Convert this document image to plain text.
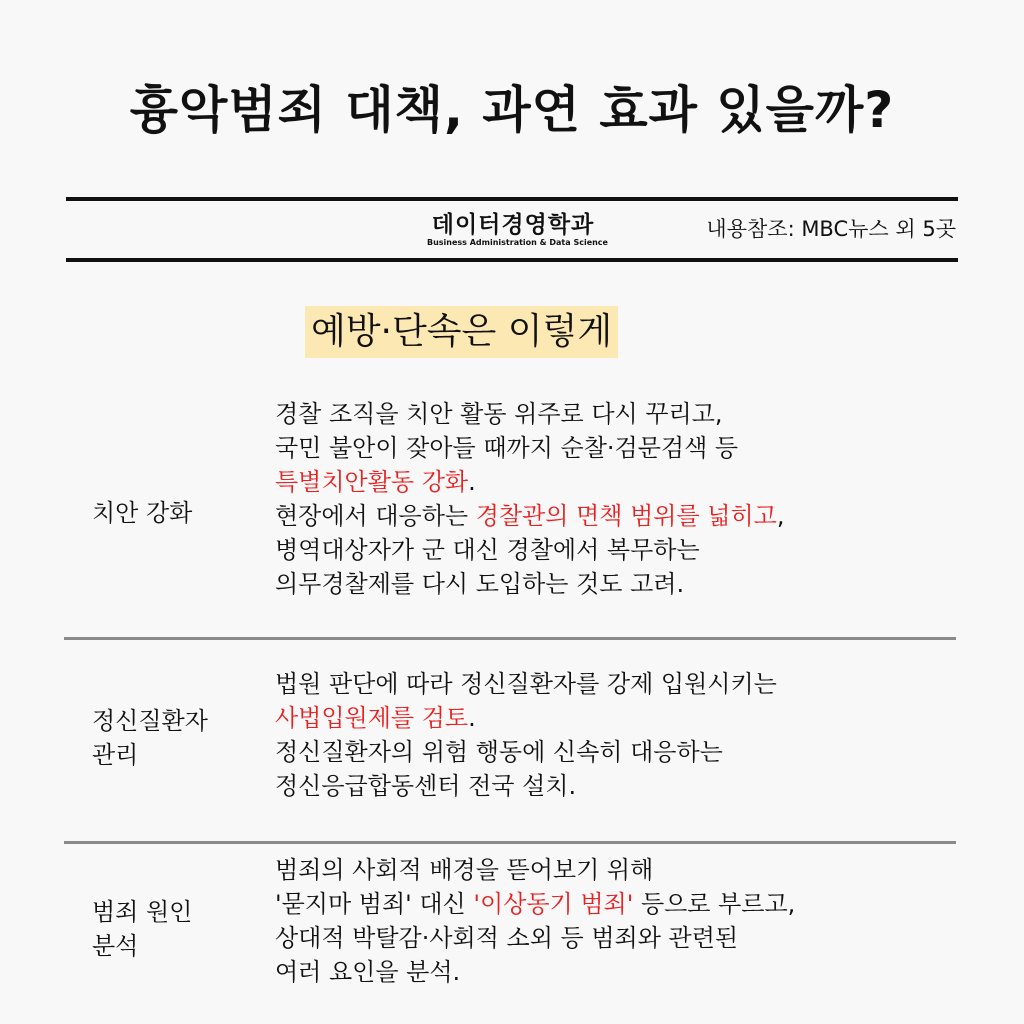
흉악범죄 대책, 과연 효과 있을까?
데이터경영학과
Business Administration & Data Science
내용참조: MBC뉴스 외 5곳
예방·단속은 이렇게
치안 강화
경찰 조직을 치안 활동 위주로 다시 꾸리고,
국민 불안이 잦아들 때까지 순찰·검문검색 등
특별치안활동 강화.
현장에서 대응하는 경찰관의 면책 범위를 넓히고,
병역대상자가 군 대신 경찰에서 복무하는
의무경찰제를 다시 도입하는 것도 고려.
정신질환자
관리
법원 판단에 따라 정신질환자를 강제 입원시키는
사법입원제를 검토.
정신질환자의 위험 행동에 신속히 대응하는
정신응급합동센터 전국 설치.
범죄 원인
분석
범죄의 사회적 배경을 뜯어보기 위해
'묻지마 범죄' 대신 '이상동기 범죄' 등으로 부르고,
상대적 박탈감·사회적 소외 등 범죄와 관련된
여러 요인을 분석.
